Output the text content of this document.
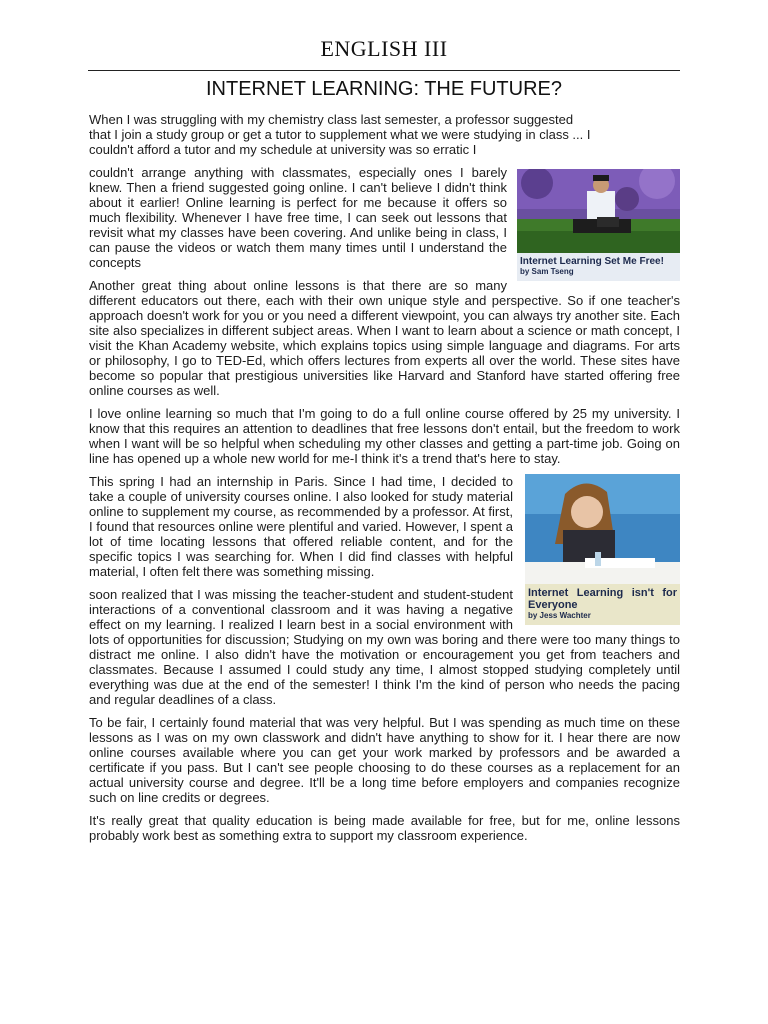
ENGLISH III
INTERNET LEARNING: THE FUTURE?

When I was struggling with my chemistry class last semester, a professor suggested
that I join a study group or get a tutor to supplement what we were studying in class ... I
couldn't afford a tutor and my schedule at university was so erratic I

Internet Learning Set Me Free!
by Sam Tseng

couldn't arrange anything with classmates, especially ones I barely knew. Then a friend suggested going online. I can't believe I didn't think about it earlier! Online learning is perfect for me because it offers so much flexibility. Whenever I have free time, I can seek out lessons that revisit what my classes have been covering. And unlike being in class, I can pause the videos or watch them many times until I understand the concepts

Another great thing about online lessons is that there are so many different educators out there, each with their own unique style and perspective. So if one teacher's approach doesn't work for you or you need a different viewpoint, you can always try another site. Each site also specializes in different subject areas. When I want to learn about a science or math concept, I visit the Khan Academy website, which explains topics using simple language and diagrams. For arts or philosophy, I go to TED-Ed, which offers lectures from experts all over the world. These sites have become so popular that prestigious universities like Harvard and Stanford have started offering free online courses as well.

I love online learning so much that I'm going to do a full online course offered by 25 my university. I know that this requires an attention to deadlines that free lessons don't entail, but the freedom to work when I want will be so helpful when scheduling my other classes and getting a part-time job. Going on line has opened up a whole new world for me-I think it's a trend that's here to stay.

Internet Learning isn't for Everyone
by Jess Wachter

This spring I had an internship in Paris. Since I had time, I decided to take a couple of university courses online. I also looked for study material online to supplement my course, as recommended by a professor. At first, I found that resources online were plentiful and varied. However, I spent a lot of time locating lessons that offered reliable content, and for the specific topics I was searching for. When I did find classes with helpful material, I often felt there was something missing.

soon realized that I was missing the teacher-student and student-student interactions of a conventional classroom and it was having a negative effect on my learning. I realized I learn best in a social environment with lots of opportunities for discussion; Studying on my own was boring and there were too many things to distract me online. I also didn't have the motivation or encouragement you get from teachers and classmates. Because I assumed I could study any time, I almost stopped studying completely until everything was due at the end of the semester! I think I'm the kind of person who needs the pacing and regular deadlines of a class.

To be fair, I certainly found material that was very helpful. But I was spending as much time on these lessons as I was on my own classwork and didn't have anything to show for it. I hear there are now online courses available where you can get your work marked by professors and be awarded a certificate if you pass. But I can't see people choosing to do these courses as a replacement for an actual university course and degree. It'll be a long time before employers and companies recognize such on line credits or degrees.

It's really great that quality education is being made available for free, but for me, online lessons probably work best as something extra to support my classroom experience.
